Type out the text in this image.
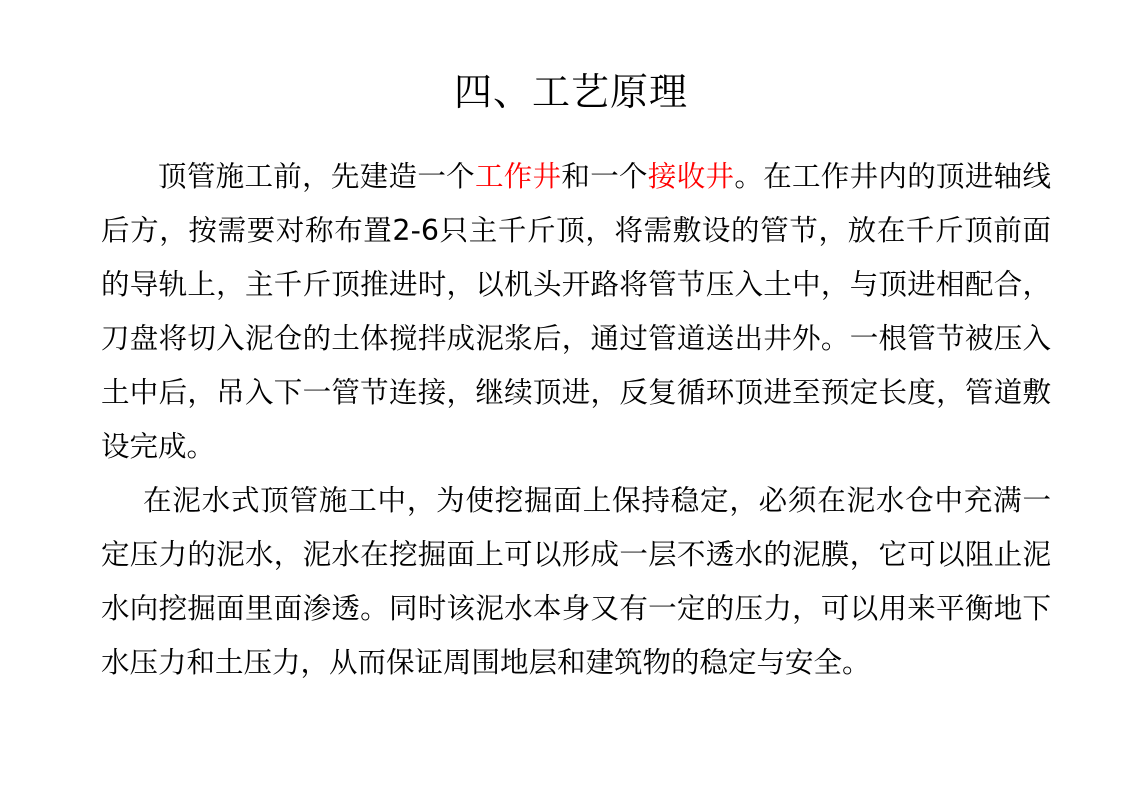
四、工艺原理

顶管施工前，先建造一个工作井和一个接收井。在工作井内的顶进轴线后方，按需要对称布置2-6只主千斤顶，将需敷设的管节，放在千斤顶前面的导轨上，主千斤顶推进时，以机头开路将管节压入土中，与顶进相配合，刀盘将切入泥仓的土体搅拌成泥浆后，通过管道送出井外。一根管节被压入土中后，吊入下一管节连接，继续顶进，反复循环顶进至预定长度，管道敷设完成。

在泥水式顶管施工中，为使挖掘面上保持稳定，必须在泥水仓中充满一定压力的泥水，泥水在挖掘面上可以形成一层不透水的泥膜，它可以阻止泥水向挖掘面里面渗透。同时该泥水本身又有一定的压力，可以用来平衡地下水压力和土压力，从而保证周围地层和建筑物的稳定与安全。
